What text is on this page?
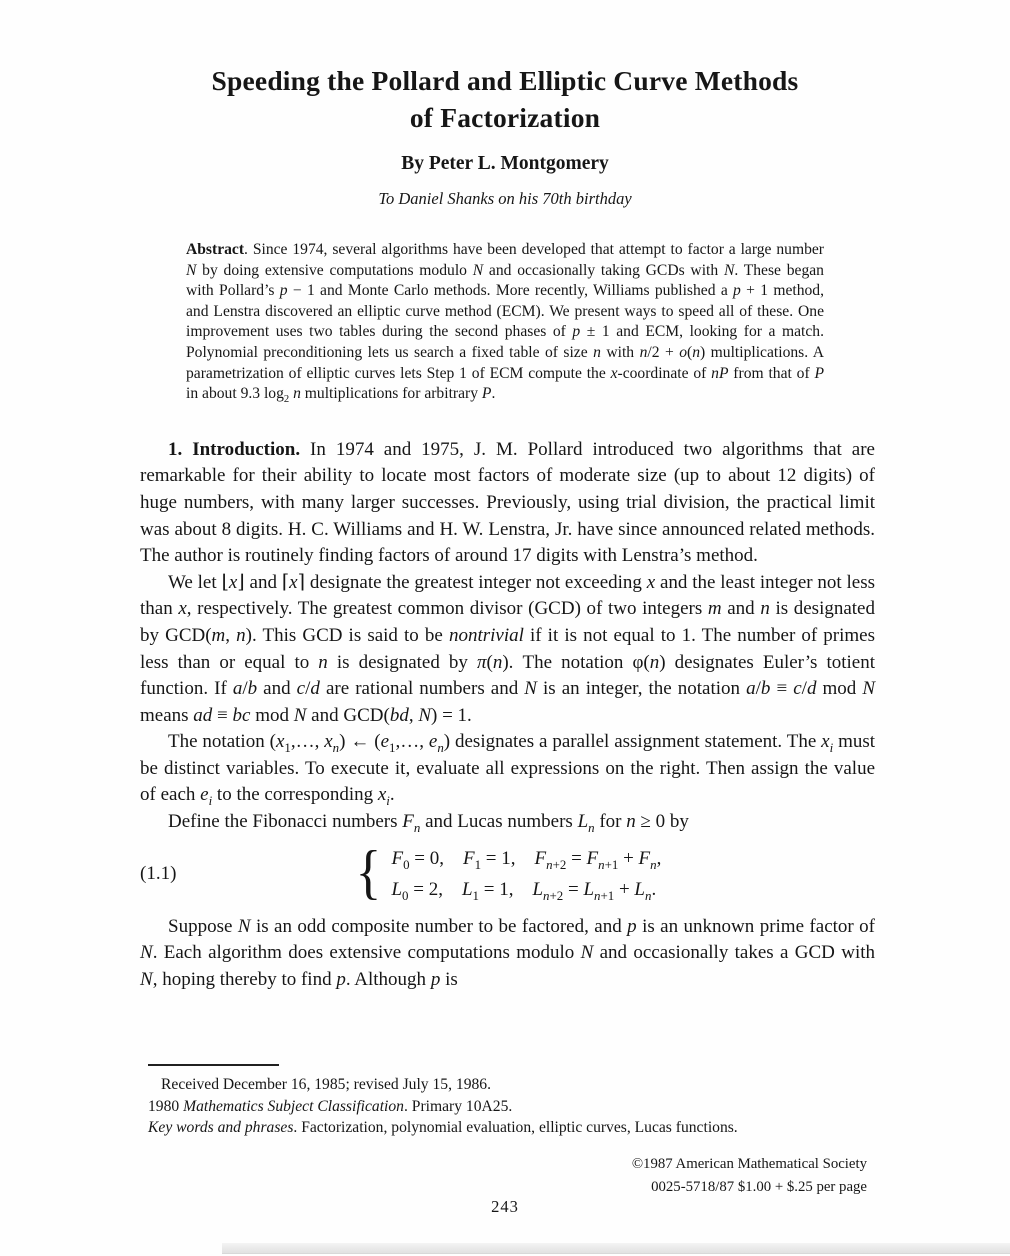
Speeding the Pollard and Elliptic Curve Methods
of Factorization
By Peter L. Montgomery
To Daniel Shanks on his 70th birthday

Abstract. Since 1974, several algorithms have been developed that attempt to factor a large number N by doing extensive computations modulo N and occasionally taking GCDs with N. These began with Pollard’s p − 1 and Monte Carlo methods. More recently, Williams published a p + 1 method, and Lenstra discovered an elliptic curve method (ECM). We present ways to speed all of these. One improvement uses two tables during the second phases of p ± 1 and ECM, looking for a match. Polynomial preconditioning lets us search a fixed table of size n with n/2 + o(n) multiplications. A parametrization of elliptic curves lets Step 1 of ECM compute the x-coordinate of nP from that of P in about 9.3 $\log_2 n$ multiplications for arbitrary P.

1. Introduction. In 1974 and 1975, J. M. Pollard introduced two algorithms that are remarkable for their ability to locate most factors of moderate size (up to about 12 digits) of huge numbers, with many larger successes. Previously, using trial division, the practical limit was about 8 digits. H. C. Williams and H. W. Lenstra, Jr. have since announced related methods. The author is routinely finding factors of around 17 digits with Lenstra’s method.

We let ⌊x⌋ and ⌈x⌉ designate the greatest integer not exceeding x and the least integer not less than x, respectively. The greatest common divisor (GCD) of two integers m and n is designated by GCD(m, n). This GCD is said to be nontrivial if it is not equal to 1. The number of primes less than or equal to n is designated by π(n). The notation φ(n) designates Euler’s totient function. If a/b and c/d are rational numbers and N is an integer, the notation a/b ≡ c/d mod N means ad ≡ bc mod N and GCD(bd, N) = 1.

The notation ($x_1,\dots$, $x_n$) ← ($e_1,\dots$, $e_n$) designates a parallel assignment statement. The $x_i$ must be distinct variables. To execute it, evaluate all expressions on the right. Then assign the value of each $e_i$ to the corresponding $x_i$.

Define the Fibonacci numbers $F_n$ and Lucas numbers $L_n$ for n ≥ 0 by

(1.1)	{ $F_0 = 0$, $F_1 = 1$, $F_{n+2} = F_{n+1} + F_n$,
$L_0 = 2$, $L_1 = 1$, $L_{n+2} = L_{n+1} + L_n$.

Suppose N is an odd composite number to be factored, and p is an unknown prime factor of N. Each algorithm does extensive computations modulo N and occasionally takes a GCD with N, hoping thereby to find p. Although p is

Received December 16, 1985; revised July 15, 1986.

1980 Mathematics Subject Classification. Primary 10A25.

Key words and phrases. Factorization, polynomial evaluation, elliptic curves, Lucas functions.

©1987 American Mathematical Society
0025-5718/87 $1.00 + $.25 per page
243
